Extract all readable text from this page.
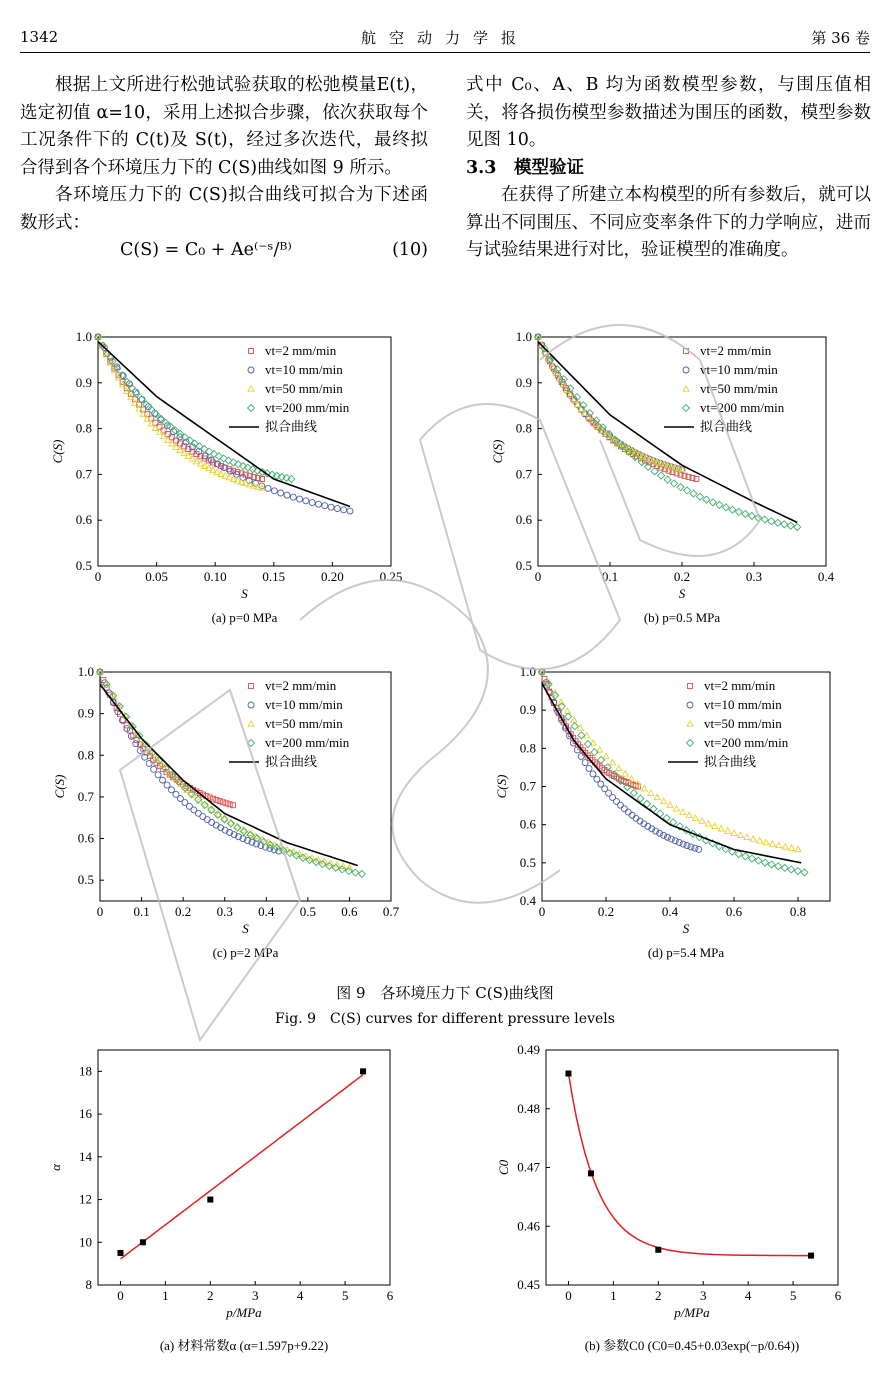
1342	航空动力学报	第 36 卷

根据上文所进行松弛试验获取的松弛模量E(t)，选定初值 α=10，采用上述拟合步骤，依次获取每个工况条件下的 C(t)及 S(t)，经过多次迭代，最终拟合得到各个环境压力下的 C(S)曲线如图 9 所示。

各环境压力下的 C(S)拟合曲线可拟合为下述函数形式：

C(S) = C₀ + Ae⁽⁻ˢ/ᴮ⁾	(10)

式中 C₀、A、B 均为函数模型参数，与围压值相关，将各损伤模型参数描述为围压的函数，模型参数见图 10。

3.3　模型验证

在获得了所建立本构模型的所有参数后，就可以算出不同围压、不同应变率条件下的力学响应，进而与试验结果进行对比，验证模型的准确度。

0	0.05	0.10	0.15	0.20	0.25
0.5
0.6
0.7
0.8
0.9
1.0
S
C(S)
(a) p=0 MPa
vt=2 mm/min
vt=10 mm/min
vt=50 mm/min
vt=200 mm/min
拟合曲线
0	0.1	0.2	0.3	0.4
0.5
0.6
0.7
0.8
0.9
1.0
S
C(S)
(b) p=0.5 MPa
vt=2 mm/min
vt=10 mm/min
vt=50 mm/min
vt=200 mm/min
拟合曲线
0 0.1 0.2 0.3 0.4 0.5 0.6 0.7
0.5
0.6
0.7
0.8
0.9
1.0
S
C(S)
(c) p=2 MPa
vt=2 mm/min
vt=10 mm/min
vt=50 mm/min
vt=200 mm/min
拟合曲线
0	0.2	0.4	0.6	0.8
0.4
0.5
0.6
0.7
0.8
0.9
1.0
S
C(S)
(d) p=5.4 MPa
vt=2 mm/min
vt=10 mm/min
vt=50 mm/min
vt=200 mm/min
拟合曲线
图 9　各环境压力下 C(S)曲线图
Fig. 9　C(S) curves for different pressure levels
0	1	2	3	4	5	6
8
10
12
14
16
18
p/MPa
α
(a) 材料常数α (α=1.597p+9.22)
0	1	2	3	4	5	6
0.45
0.46
0.47
0.48
0.49
p/MPa
C0
(b) 参数C0 (C0=0.45+0.03exp(−p/0.64))
